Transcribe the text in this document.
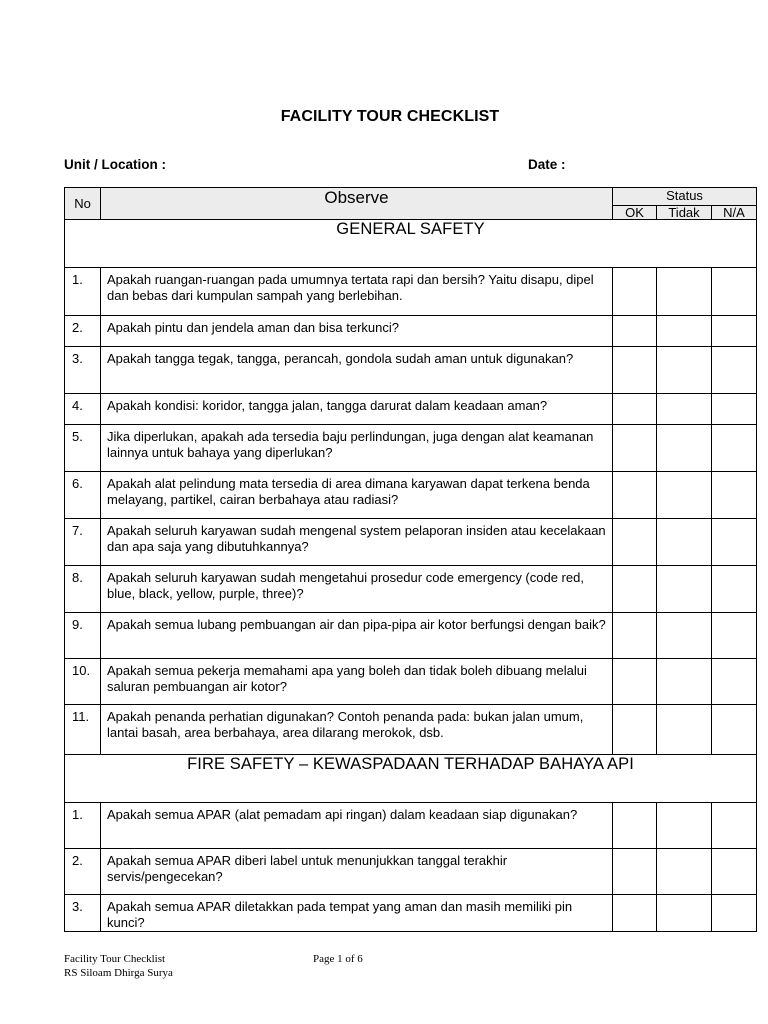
FACILITY TOUR CHECKLIST
Unit / Location :	Date :
No	Observe	Status		
		OK	Tidak	N/A
GENERAL SAFETY				
1.	Apakah ruangan-ruangan pada umumnya tertata rapi dan bersih? Yaitu disapu, dipel dan bebas dari kumpulan sampah yang berlebihan.			
2.	Apakah pintu dan jendela aman dan bisa terkunci?			
3.	Apakah tangga tegak, tangga, perancah, gondola sudah aman untuk digunakan?			
4.	Apakah kondisi: koridor, tangga jalan, tangga darurat dalam keadaan aman?			
5.	Jika diperlukan, apakah ada tersedia baju perlindungan, juga dengan alat keamanan lainnya untuk bahaya yang diperlukan?			
6.	Apakah alat pelindung mata tersedia di area dimana karyawan dapat terkena benda melayang, partikel, cairan berbahaya atau radiasi?			
7.	Apakah seluruh karyawan sudah mengenal system pelaporan insiden atau kecelakaan dan apa saja yang dibutuhkannya?			
8.	Apakah seluruh karyawan sudah mengetahui prosedur code emergency (code red, blue, black, yellow, purple, three)?			
9.	Apakah semua lubang pembuangan air dan pipa-pipa air kotor berfungsi dengan baik?			
10.	Apakah semua pekerja memahami apa yang boleh dan tidak boleh dibuang melalui saluran pembuangan air kotor?			
11.	Apakah penanda perhatian digunakan? Contoh penanda pada: bukan jalan umum, lantai basah, area berbahaya, area dilarang merokok, dsb.			
FIRE SAFETY – KEWASPADAAN TERHADAP BAHAYA API				
1.	Apakah semua APAR (alat pemadam api ringan) dalam keadaan siap digunakan?			
2.	Apakah semua APAR diberi label untuk menunjukkan tanggal terakhir servis/pengecekan?			
3.	Apakah semua APAR diletakkan pada tempat yang aman dan masih memiliki pin kunci?			
Facility Tour Checklist
RS Siloam Dhirga Surya
Page 1 of 6
